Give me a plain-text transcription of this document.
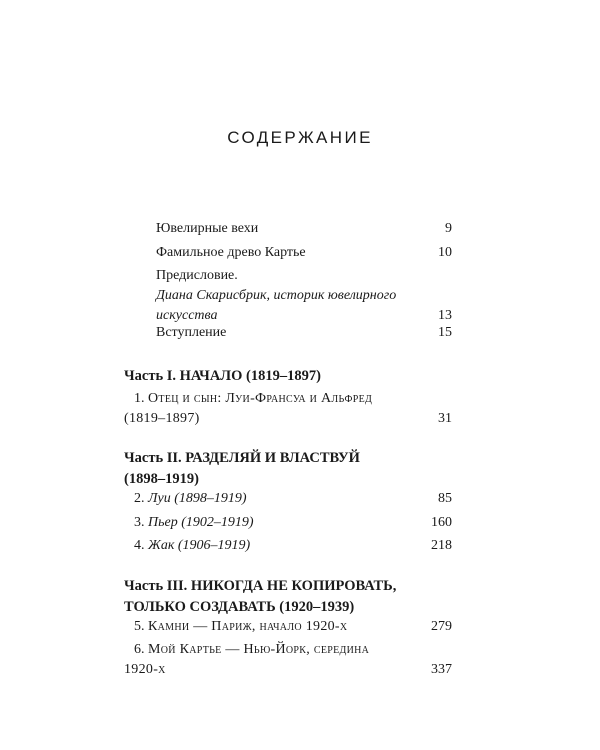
СОДЕРЖАНИЕ
Ювелирные вехи	9
Фамильное древо Картье	10
Предисловие.
Диана Скарисбрик, историк ювелирного
искусства	13
Вступление	15
Часть I. НАЧАЛО (1819–1897)
1. Отец и сын: Луи-Франсуа и Альфред
(1819–1897)	31
Часть II. РАЗДЕЛЯЙ И ВЛАСТВУЙ
(1898–1919)
2. Луи (1898–1919)	85
3. Пьер (1902–1919)	160
4. Жак (1906–1919)	218
Часть III. НИКОГДА НЕ КОПИРОВАТЬ,
ТОЛЬКО СОЗДАВАТЬ (1920–1939)
5. Камни — Париж, начало 1920-х	279
6. Мой Картье — Нью-Йорк, середина
1920-х	337
